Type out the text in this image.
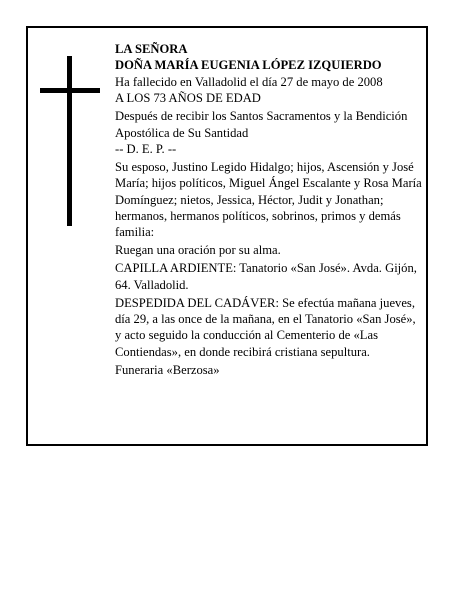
LA SEÑORA

DOÑA MARÍA EUGENIA LÓPEZ IZQUIERDO

Ha fallecido en Valladolid el día 27 de mayo de 2008

A LOS 73 AÑOS DE EDAD

Después de recibir los Santos Sacramentos y la Bendición Apostólica de Su Santidad

-- D. E. P. --

Su esposo, Justino Legido Hidalgo; hijos, Ascensión y José María; hijos políticos, Miguel Ángel Escalante y Rosa María Domínguez; nietos, Jessica, Héctor, Judit y Jonathan; hermanos, hermanos políticos, sobrinos, primos y demás familia:

Ruegan una oración por su alma.

CAPILLA ARDIENTE: Tanatorio «San José». Avda. Gijón, 64. Valladolid.

DESPEDIDA DEL CADÁVER: Se efectúa mañana jueves, día 29, a las once de la mañana, en el Tanatorio «San José», y acto seguido la conducción al Cementerio de «Las Contiendas», en donde recibirá cristiana sepultura.

Funeraria «Berzosa»
